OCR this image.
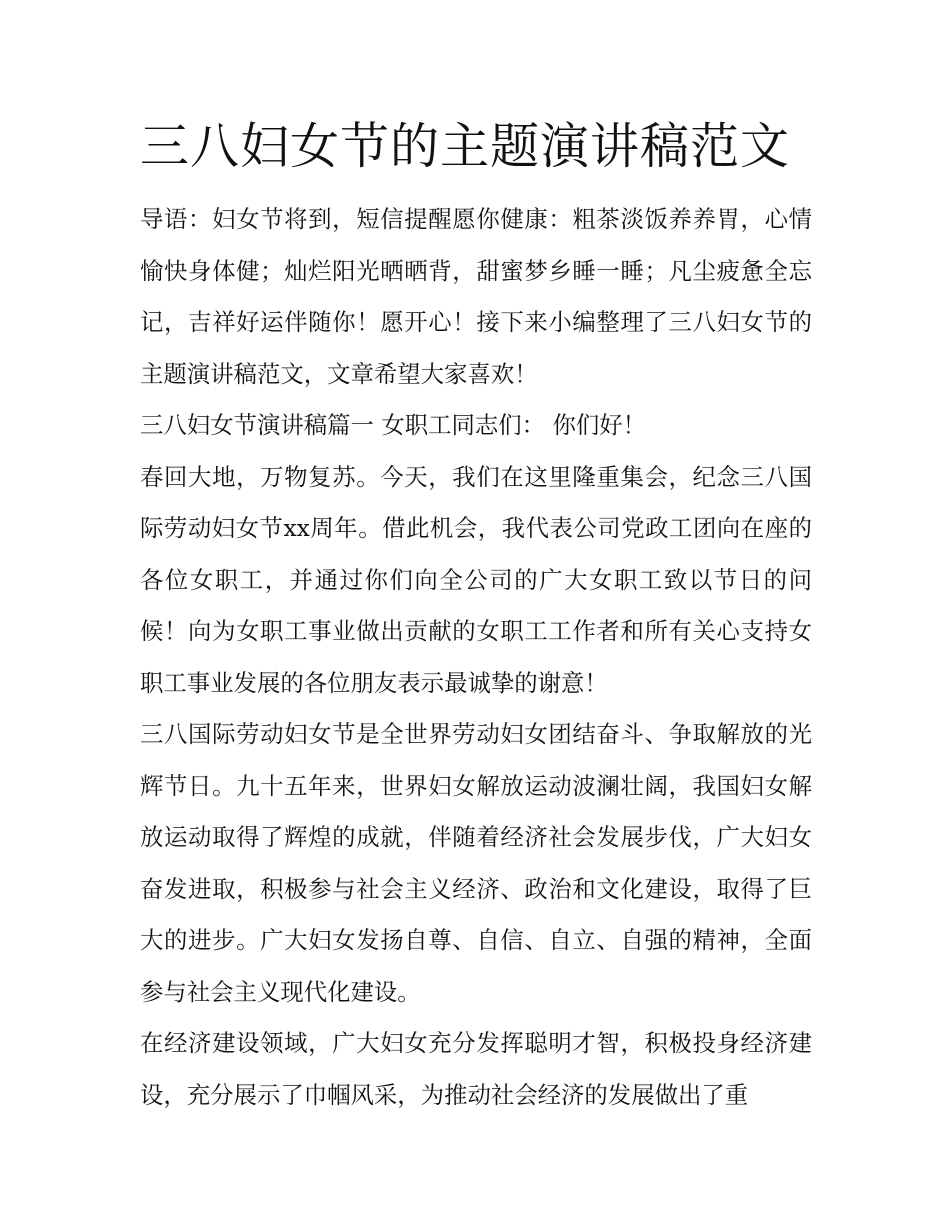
三八妇女节的主题演讲稿范文

导语：妇女节将到，短信提醒愿你健康：粗茶淡饭养养胃，心情愉快身体健；灿烂阳光晒晒背，甜蜜梦乡睡一睡；凡尘疲惫全忘记，吉祥好运伴随你！愿开心！接下来小编整理了三八妇女节的主题演讲稿范文，文章希望大家喜欢！

三八妇女节演讲稿篇一 女职工同志们： 你们好！

春回大地，万物复苏。今天，我们在这里隆重集会，纪念三八国际劳动妇女节xx周年。借此机会，我代表公司党政工团向在座的各位女职工，并通过你们向全公司的广大女职工致以节日的问候！向为女职工事业做出贡献的女职工工作者和所有关心支持女职工事业发展的各位朋友表示最诚挚的谢意！

三八国际劳动妇女节是全世界劳动妇女团结奋斗、争取解放的光辉节日。九十五年来，世界妇女解放运动波澜壮阔，我国妇女解放运动取得了辉煌的成就，伴随着经济社会发展步伐，广大妇女奋发进取，积极参与社会主义经济、政治和文化建设，取得了巨大的进步。广大妇女发扬自尊、自信、自立、自强的精神，全面参与社会主义现代化建设。

在经济建设领域，广大妇女充分发挥聪明才智，积极投身经济建设，充分展示了巾帼风采，为推动社会经济的发展做出了重
